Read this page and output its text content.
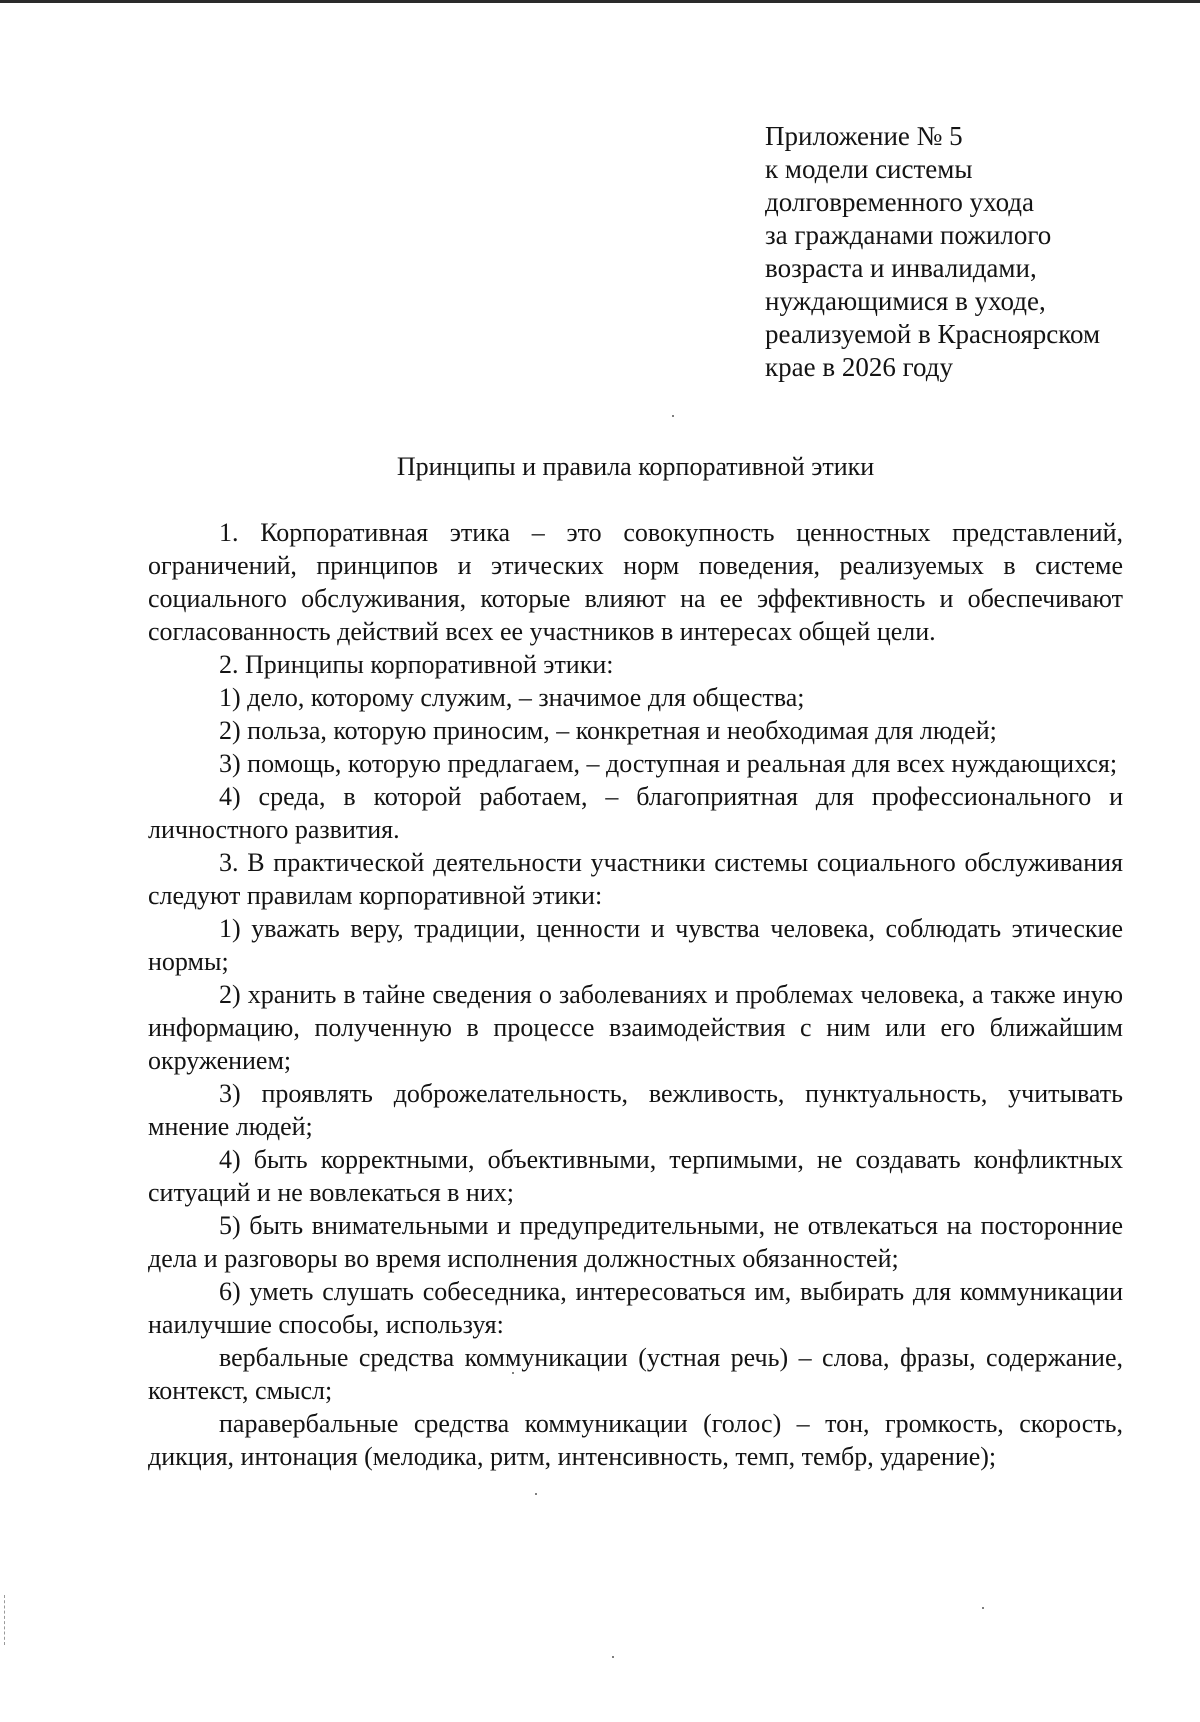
Приложение № 5
к модели системы
долговременного ухода
за гражданами пожилого
возраста и инвалидами,
нуждающимися в уходе,
реализуемой в Красноярском
крае в 2026 году
Принципы и правила корпоративной этики

1. Корпоративная этика – это совокупность ценностных представлений, ограничений, принципов и этических норм поведения, реализуемых в системе социального обслуживания, которые влияют на ее эффективность и обеспечивают согласованность действий всех ее участников в интересах общей цели.

2. Принципы корпоративной этики:

1) дело, которому служим, – значимое для общества;

2) польза, которую приносим, – конкретная и необходимая для людей;

3) помощь, которую предлагаем, – доступная и реальная для всех нуждающихся;

4) среда, в которой работаем, – благоприятная для профессионального и личностного развития.

3. В практической деятельности участники системы социального обслуживания следуют правилам корпоративной этики:

1) уважать веру, традиции, ценности и чувства человека, соблюдать этические нормы;

2) хранить в тайне сведения о заболеваниях и проблемах человека, а также иную информацию, полученную в процессе взаимодействия с ним или его ближайшим окружением;

3) проявлять доброжелательность, вежливость, пунктуальность, учитывать мнение людей;

4) быть корректными, объективными, терпимыми, не создавать конфликтных ситуаций и не вовлекаться в них;

5) быть внимательными и предупредительными, не отвлекаться на посторонние дела и разговоры во время исполнения должностных обязанностей;

6) уметь слушать собеседника, интересоваться им, выбирать для коммуникации наилучшие способы, используя:

вербальные средства коммуникации (устная речь) – слова, фразы, содержание, контекст, смысл;

паравербальные средства коммуникации (голос) – тон, громкость, скорость, дикция, интонация (мелодика, ритм, интенсивность, темп, тембр, ударение);
